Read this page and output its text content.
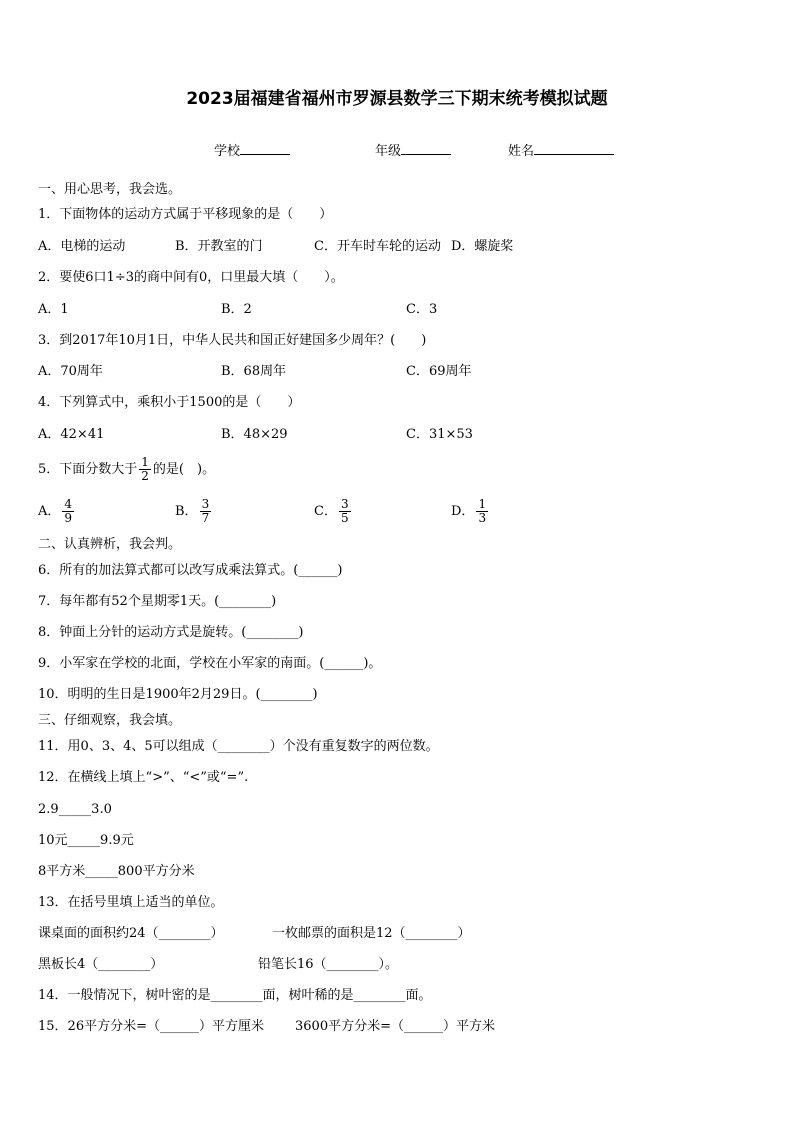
2023届福建省福州市罗源县数学三下期末统考模拟试题
学校	年级	姓名
一、用心思考，我会选。
1．下面物体的运动方式属于平移现象的是（　　）
A．电梯的运动	B．开教室的门	C．开车时车轮的运动 D．螺旋桨
2．要使6口1÷3的商中间有0，口里最大填（　　）。
A．1	B．2	C．3
3．到2017年10月1日，中华人民共和国正好建国多少周年？(　　)
A．70周年	B．68周年	C．69周年
4．下列算式中，乘积小于1500的是（　　）
A．42×41	B．48×29	C．31×53
5．下面分数大于 $\frac{1}{2}$ 的是(　)。
A． $\frac{4}{9}$	B． $\frac{3}{7}$	C． $\frac{3}{5}$	D． $\frac{1}{3}$
二、认真辨析，我会判。
6．所有的加法算式都可以改写成乘法算式。(______)
7．每年都有52个星期零1天。(________)
8．钟面上分针的运动方式是旋转。(________)
9．小军家在学校的北面，学校在小军家的南面。(______)。
10．明明的生日是1900年2月29日。(________)
三、仔细观察，我会填。
11．用0、3、4、5可以组成（________）个没有重复数字的两位数。
12．在横线上填上“>”、“<”或“=”.
2.9_____3.0
10元_____9.9元
8平方米_____800平方分米
13．在括号里填上适当的单位。
课桌面的面积约24（________）	一枚邮票的面积是12（________）
黑板长4（________）	铅笔长16（________）。
14．一般情况下，树叶密的是________面，树叶稀的是________面。
15．26平方分米=（______）平方厘米 3600平方分米=（______）平方米
